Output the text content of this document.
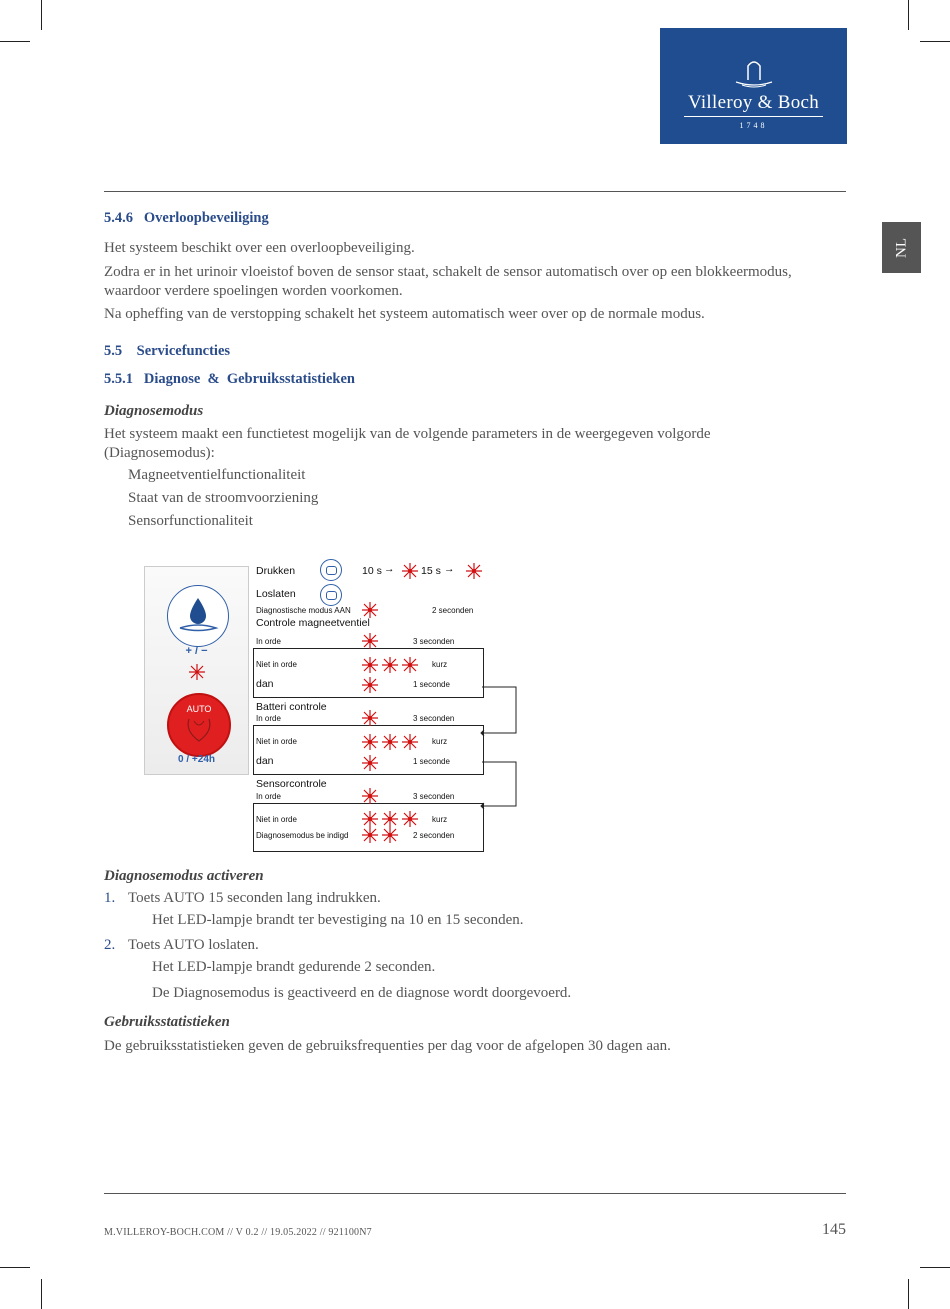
Villeroy & Boch
1748
NL
5.4.6 Overloopbeveiliging
Het systeem beschikt over een overloopbeveiliging.
Zodra er in het urinoir vloeistof boven de sensor staat, schakelt de sensor automatisch over op een blokkeermodus,
waardoor verdere spoelingen worden voorkomen.
Na opheffing van de verstopping schakelt het systeem automatisch weer over op de normale modus.
5.5 Servicefuncties
5.5.1 Diagnose  &  Gebruiksstatistieken
Diagnosemodus
Het systeem maakt een functietest mogelijk van de volgende parameters in de weergegeven volgorde
(Diagnosemodus):
Magneetventielfunctionaliteit
Staat van de stroomvoorziening
Sensorfunctionaliteit
+ / −
AUTO
0 / +24h
Drukken	10 s →	15 s →
Loslaten
Diagnostische modus AAN	2 seconden
Controle magneetventiel
In orde	3 seconden
Niet in orde	kurz
dan	1 seconde
Batteri controle
In orde	3 seconden
Niet in orde	kurz
dan	1 seconde
Sensorcontrole
In orde	3 seconden
Niet in orde	kurz
Diagnosemodus be indigd	2 seconden
Diagnosemodus activeren
1. Toets AUTO 15 seconden lang indrukken.
Het LED-lampje brandt ter bevestiging na 10 en 15 seconden.
2. Toets AUTO loslaten.
Het LED-lampje brandt gedurende 2 seconden.
De Diagnosemodus is geactiveerd en de diagnose wordt doorgevoerd.
Gebruiksstatistieken
De gebruiksstatistieken geven de gebruiksfrequenties per dag voor de afgelopen 30 dagen aan.
M.VILLEROY-BOCH.COM // V 0.2 // 19.05.2022 // 921100N7	145
